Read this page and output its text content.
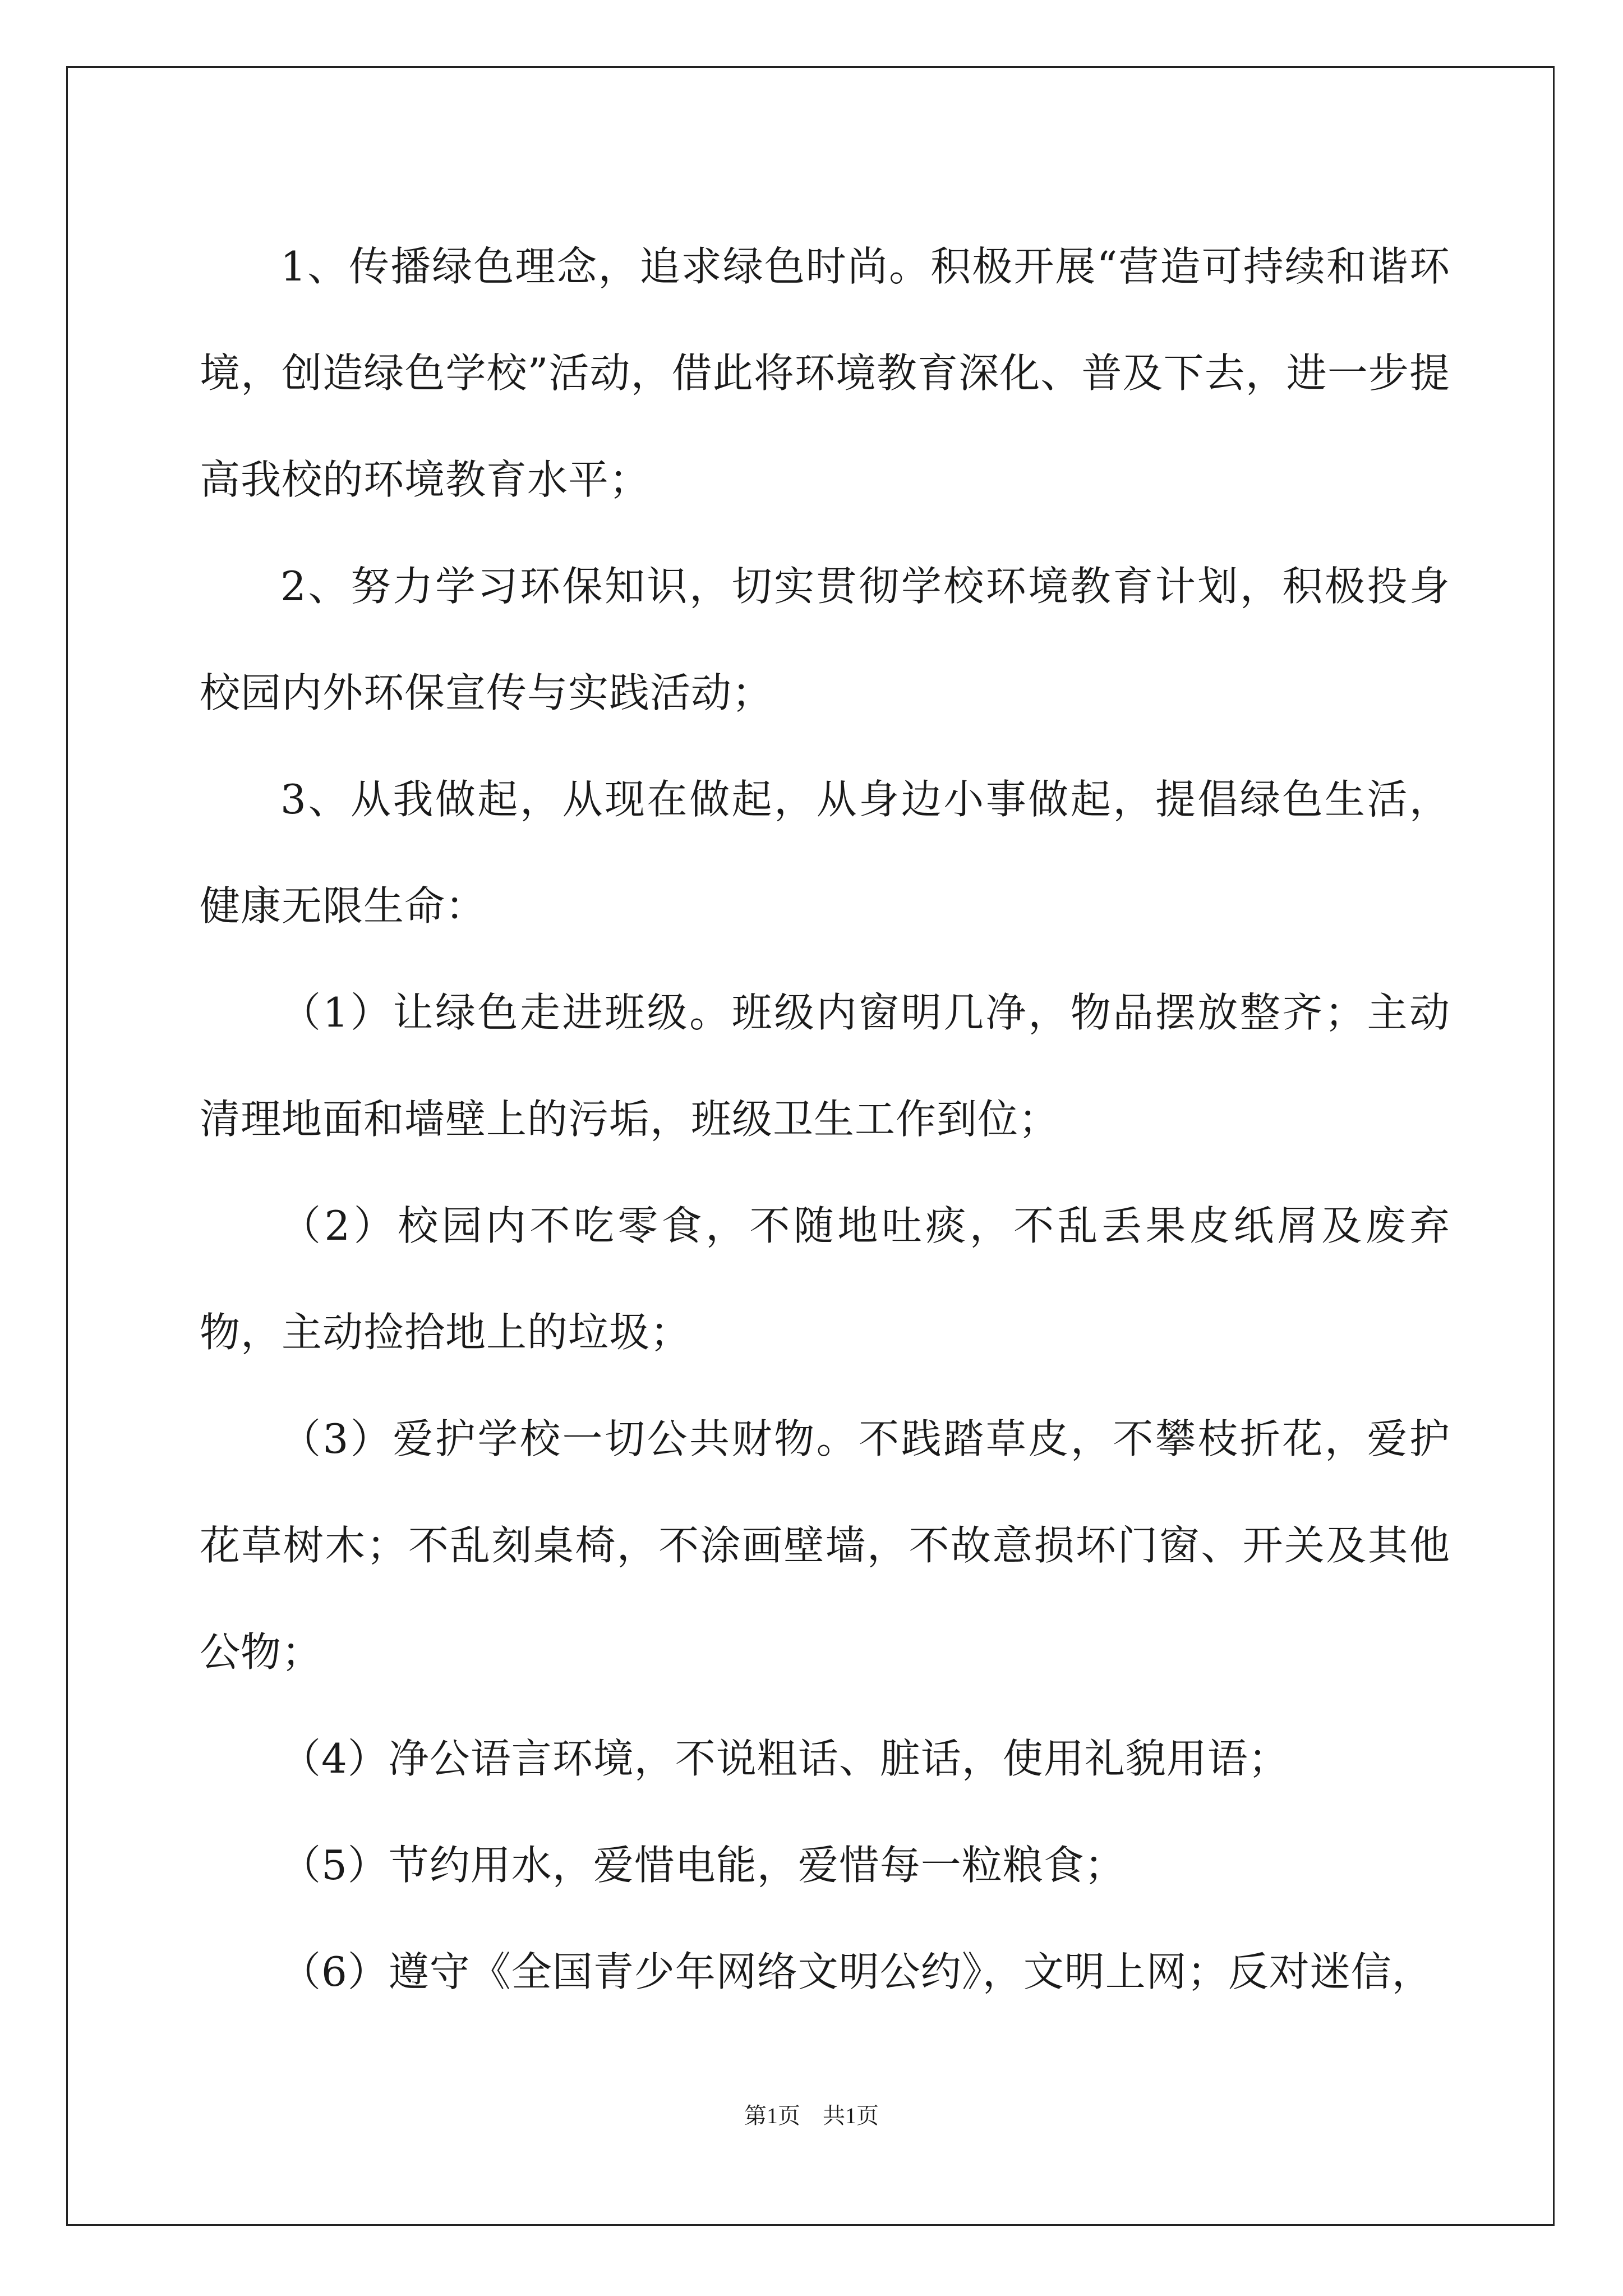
1、传播绿色理念，追求绿色时尚。积极开展“营造可持续和谐环境，创造绿色学校”活动，借此将环境教育深化、普及下去，进一步提高我校的环境教育水平；

2、努力学习环保知识，切实贯彻学校环境教育计划，积极投身校园内外环保宣传与实践活动；

3、从我做起，从现在做起，从身边小事做起，提倡绿色生活，健康无限生命：

（1）让绿色走进班级。班级内窗明几净，物品摆放整齐；主动清理地面和墙壁上的污垢，班级卫生工作到位；

（2）校园内不吃零食，不随地吐痰，不乱丢果皮纸屑及废弃物，主动捡拾地上的垃圾；

（3）爱护学校一切公共财物。不践踏草皮，不攀枝折花，爱护花草树木；不乱刻桌椅，不涂画壁墙，不故意损坏门窗、开关及其他公物；

（4）净公语言环境，不说粗话、脏话，使用礼貌用语；

（5）节约用水，爱惜电能，爱惜每一粒粮食；

（6）遵守《全国青少年网络文明公约》，文明上网；反对迷信，

第1页　共1页
